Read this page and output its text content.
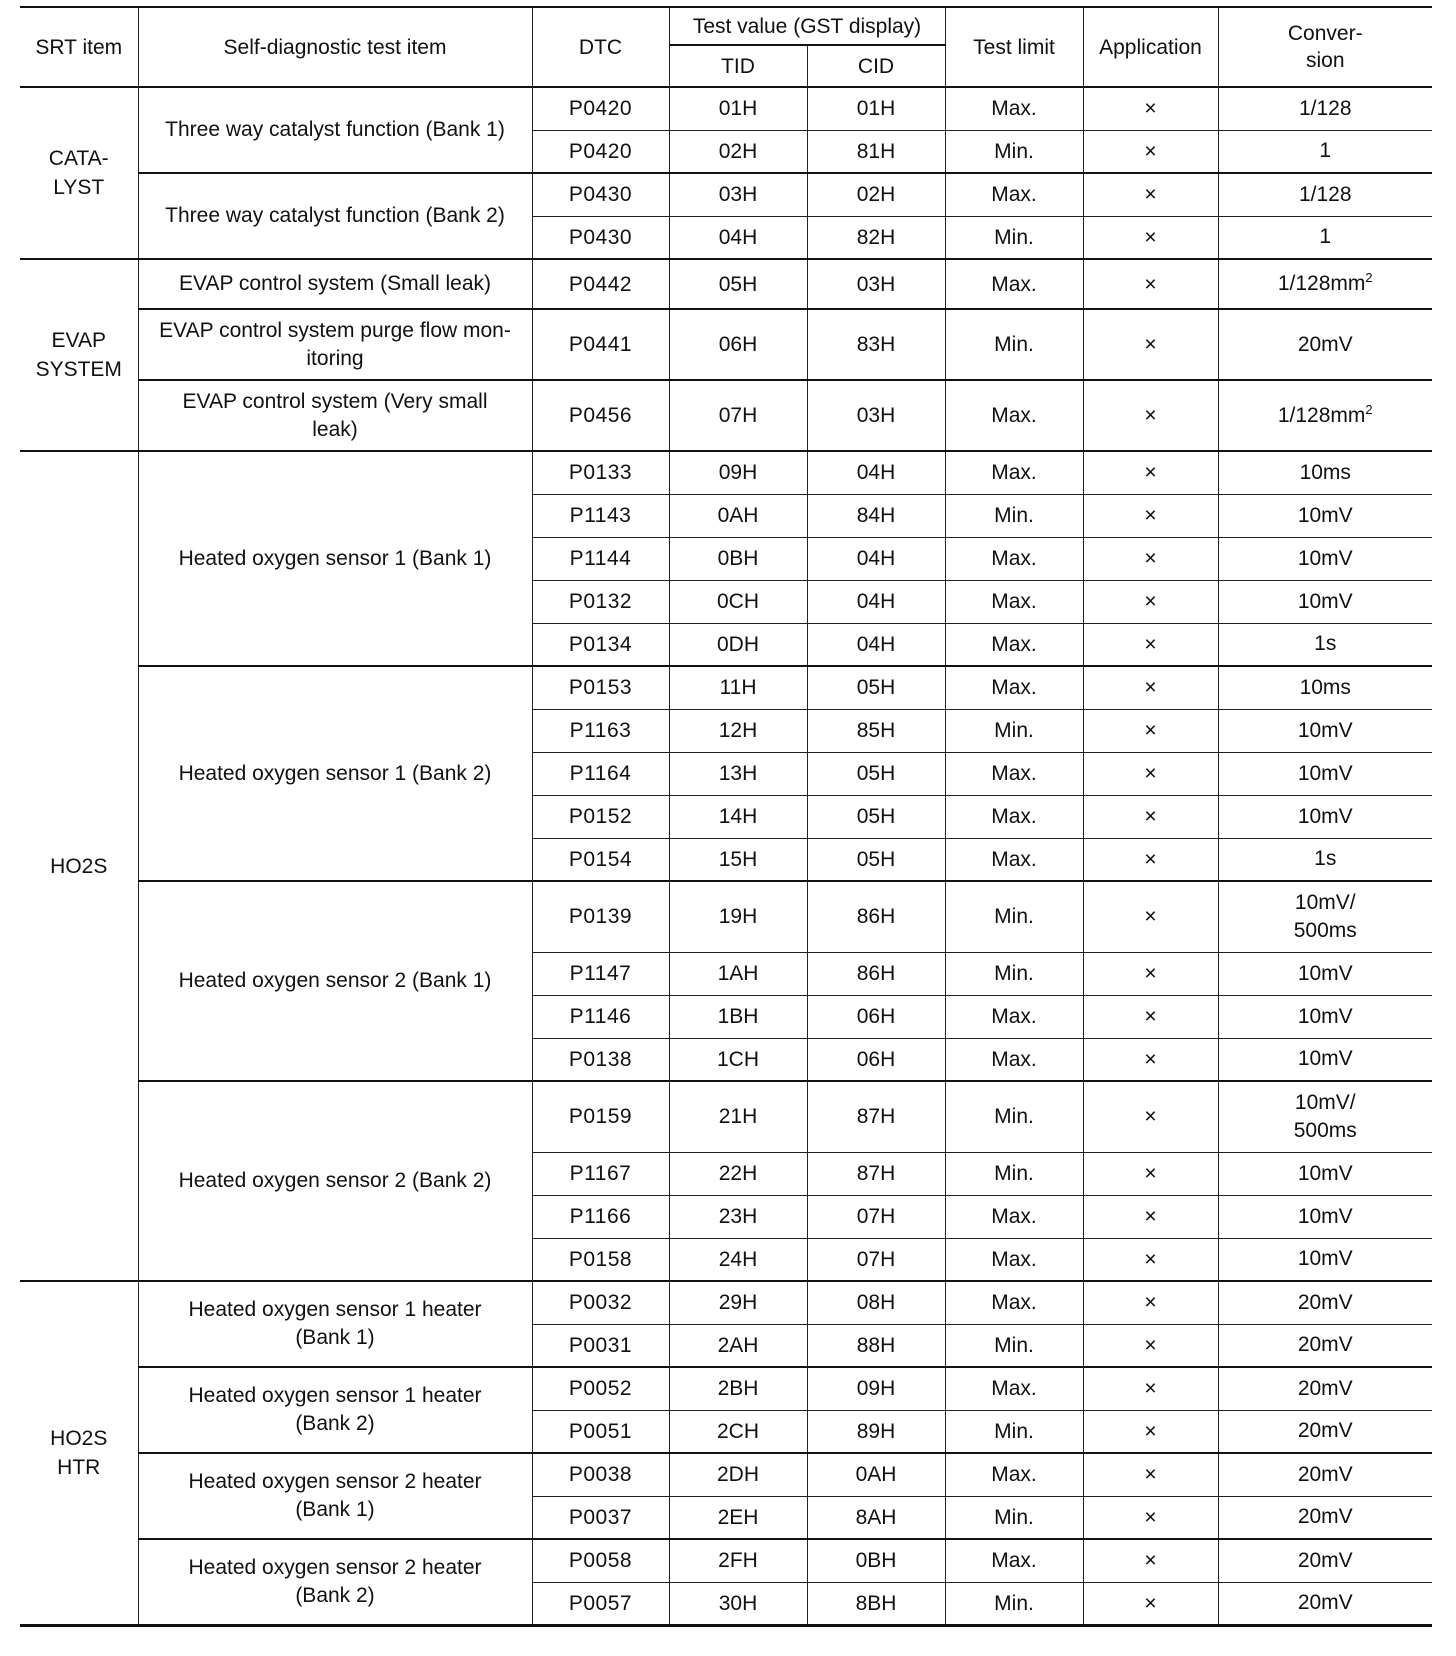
SRT item	Self-diagnostic test item	DTC	Test value (GST display)		Test limit	Application	Conver-
sion
			TID	CID			
CATA-
LYST	Three way catalyst function (Bank 1)	P0420	01H	01H	Max.	×	1/128
		P0420	02H	81H	Min.	×	1
	Three way catalyst function (Bank 2)	P0430	03H	02H	Max.	×	1/128
		P0430	04H	82H	Min.	×	1
EVAP
SYSTEM	EVAP control system (Small leak)	P0442	05H	03H	Max.	×	$1/128mm^2$
	EVAP control system purge flow mon-
itoring	P0441	06H	83H	Min.	×	20mV
	EVAP control system (Very small
leak)	P0456	07H	03H	Max.	×	$1/128mm^2$
HO2S	Heated oxygen sensor 1 (Bank 1)	P0133	09H	04H	Max.	×	10ms
		P1143	0AH	84H	Min.	×	10mV
		P1144	0BH	04H	Max.	×	10mV
		P0132	0CH	04H	Max.	×	10mV
		P0134	0DH	04H	Max.	×	1s
	Heated oxygen sensor 1 (Bank 2)	P0153	11H	05H	Max.	×	10ms
		P1163	12H	85H	Min.	×	10mV
		P1164	13H	05H	Max.	×	10mV
		P0152	14H	05H	Max.	×	10mV
		P0154	15H	05H	Max.	×	1s
	Heated oxygen sensor 2 (Bank 1)	P0139	19H	86H	Min.	×	10mV/
500ms
		P1147	1AH	86H	Min.	×	10mV
		P1146	1BH	06H	Max.	×	10mV
		P0138	1CH	06H	Max.	×	10mV
	Heated oxygen sensor 2 (Bank 2)	P0159	21H	87H	Min.	×	10mV/
500ms
		P1167	22H	87H	Min.	×	10mV
		P1166	23H	07H	Max.	×	10mV
		P0158	24H	07H	Max.	×	10mV
HO2S
HTR	Heated oxygen sensor 1 heater
(Bank 1)	P0032	29H	08H	Max.	×	20mV
		P0031	2AH	88H	Min.	×	20mV
	Heated oxygen sensor 1 heater
(Bank 2)	P0052	2BH	09H	Max.	×	20mV
		P0051	2CH	89H	Min.	×	20mV
	Heated oxygen sensor 2 heater
(Bank 1)	P0038	2DH	0AH	Max.	×	20mV
		P0037	2EH	8AH	Min.	×	20mV
	Heated oxygen sensor 2 heater
(Bank 2)	P0058	2FH	0BH	Max.	×	20mV
		P0057	30H	8BH	Min.	×	20mV
